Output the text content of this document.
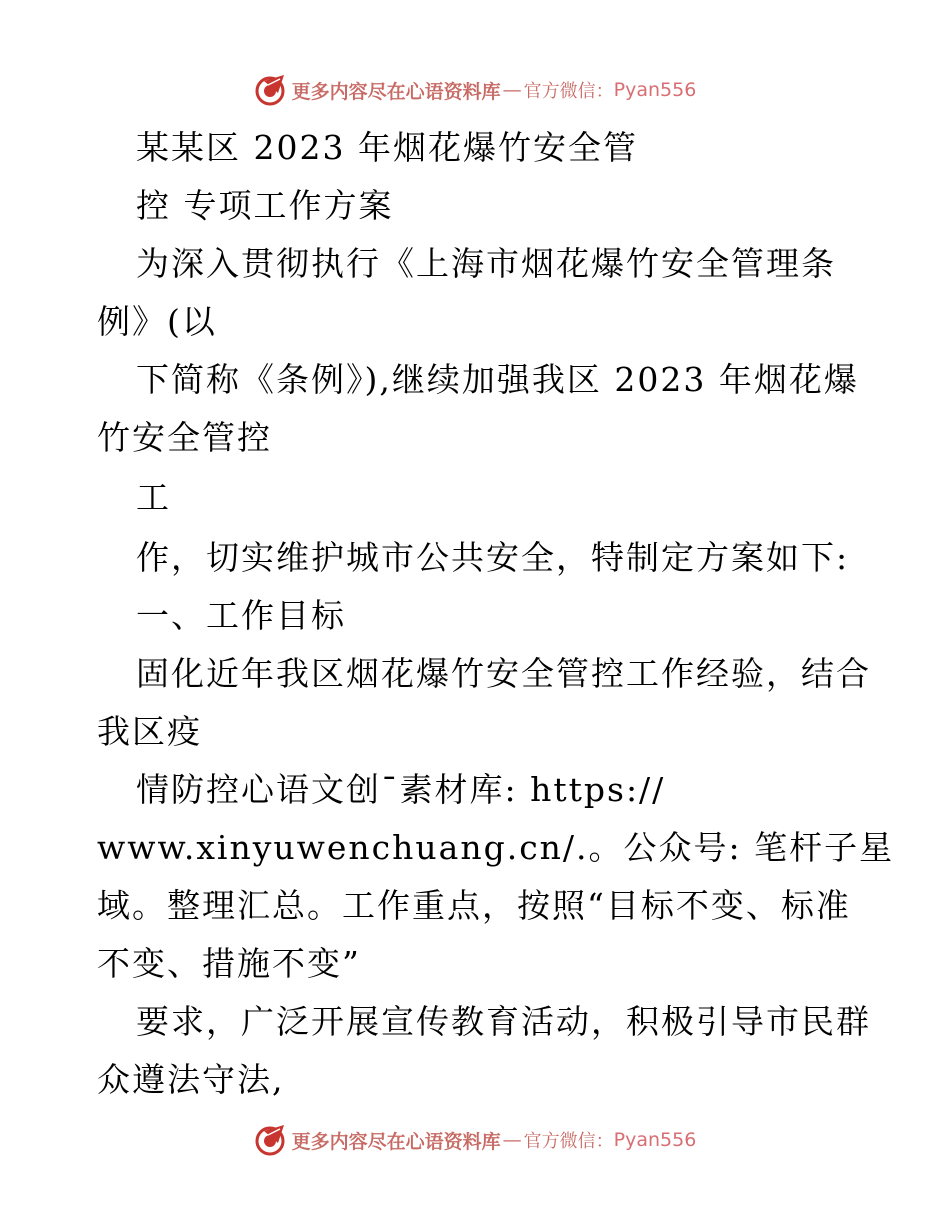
更多内容尽在心语资料库 — 官方微信： Pyan556
某某区 2023 年烟花爆竹安全管
控 专项工作方案
为深入贯彻执行《上海市烟花爆竹安全管理条
例》(以
下简称《条例》),继续加强我区 2023 年烟花爆
竹安全管控
工
作，切实维护城市公共安全，特制定方案如下:
一、工作目标
固化近年我区烟花爆竹安全管控工作经验，结合
我区疫
情防控心语文创¯素材库: https://
www.xinyuwenchuang.cn/.。公众号: 笔杆子星
域。整理汇总。工作重点，按照“目标不变、标准
不变、措施不变”
要求，广泛开展宣传教育活动，积极引导市民群
众遵法守法,
更多内容尽在心语资料库 — 官方微信： Pyan556
